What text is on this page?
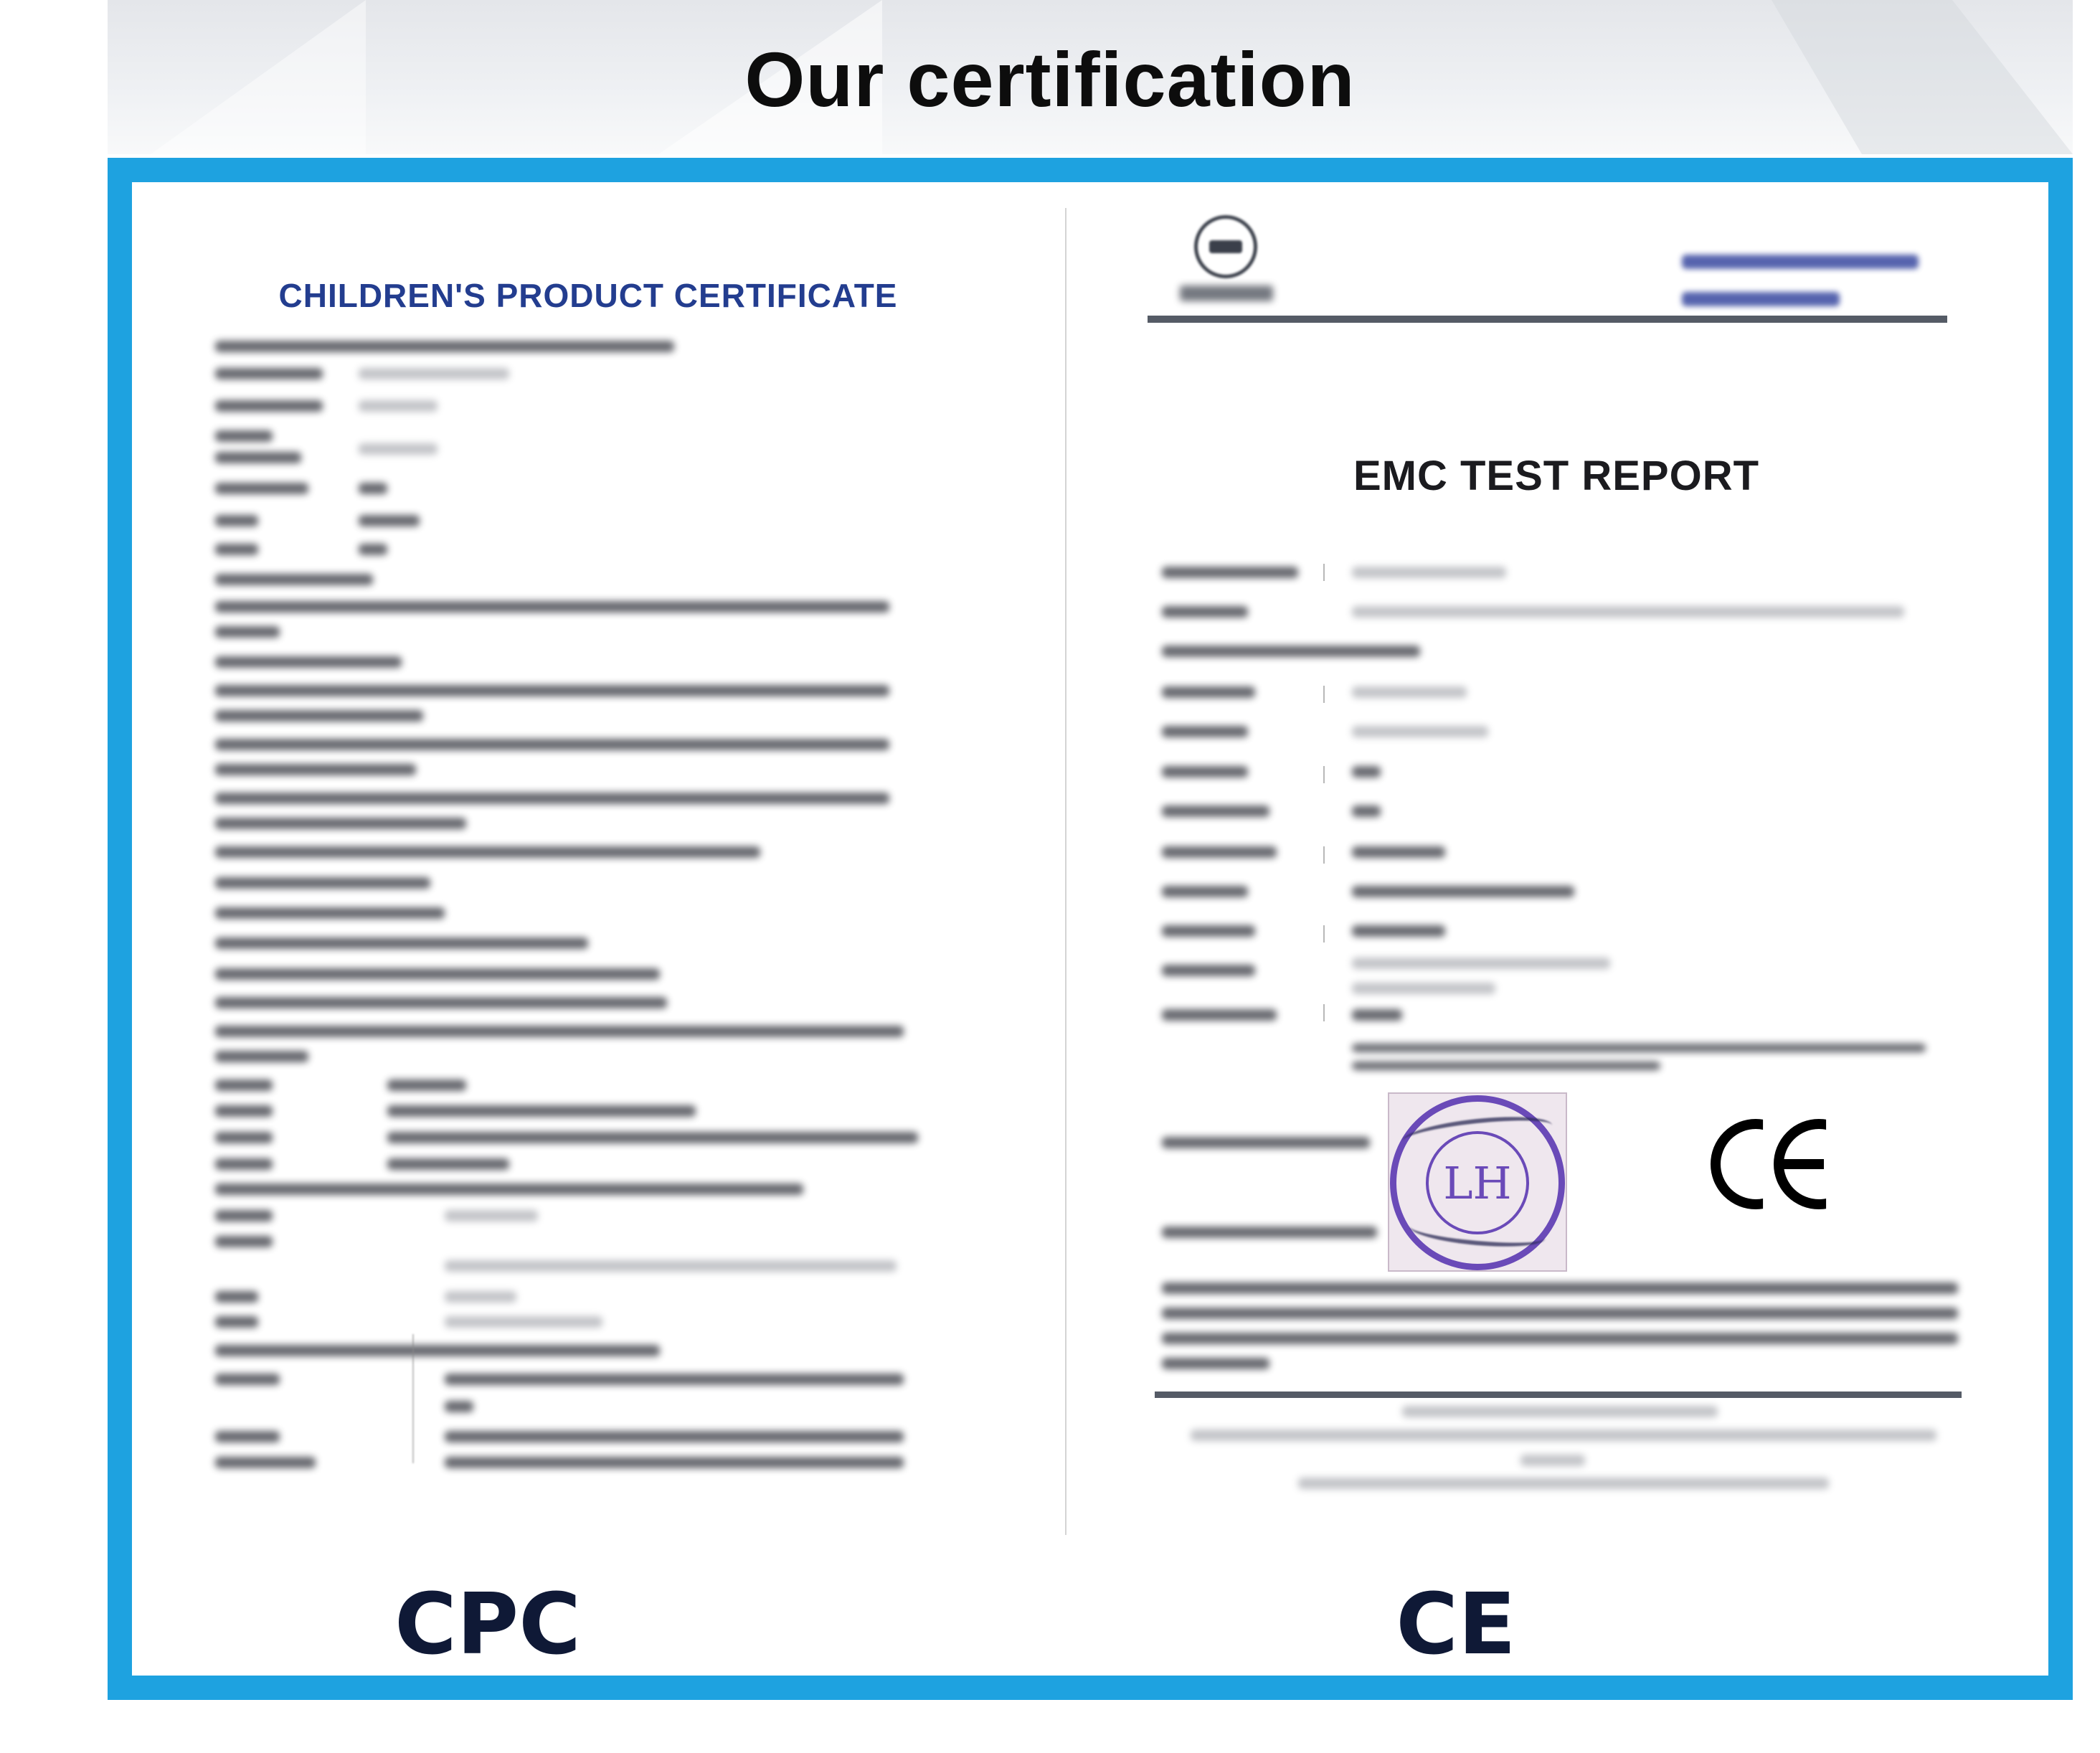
Our certification
CHILDREN'S PRODUCT CERTIFICATE
EMC TEST REPORT
LH
CPC	CE
